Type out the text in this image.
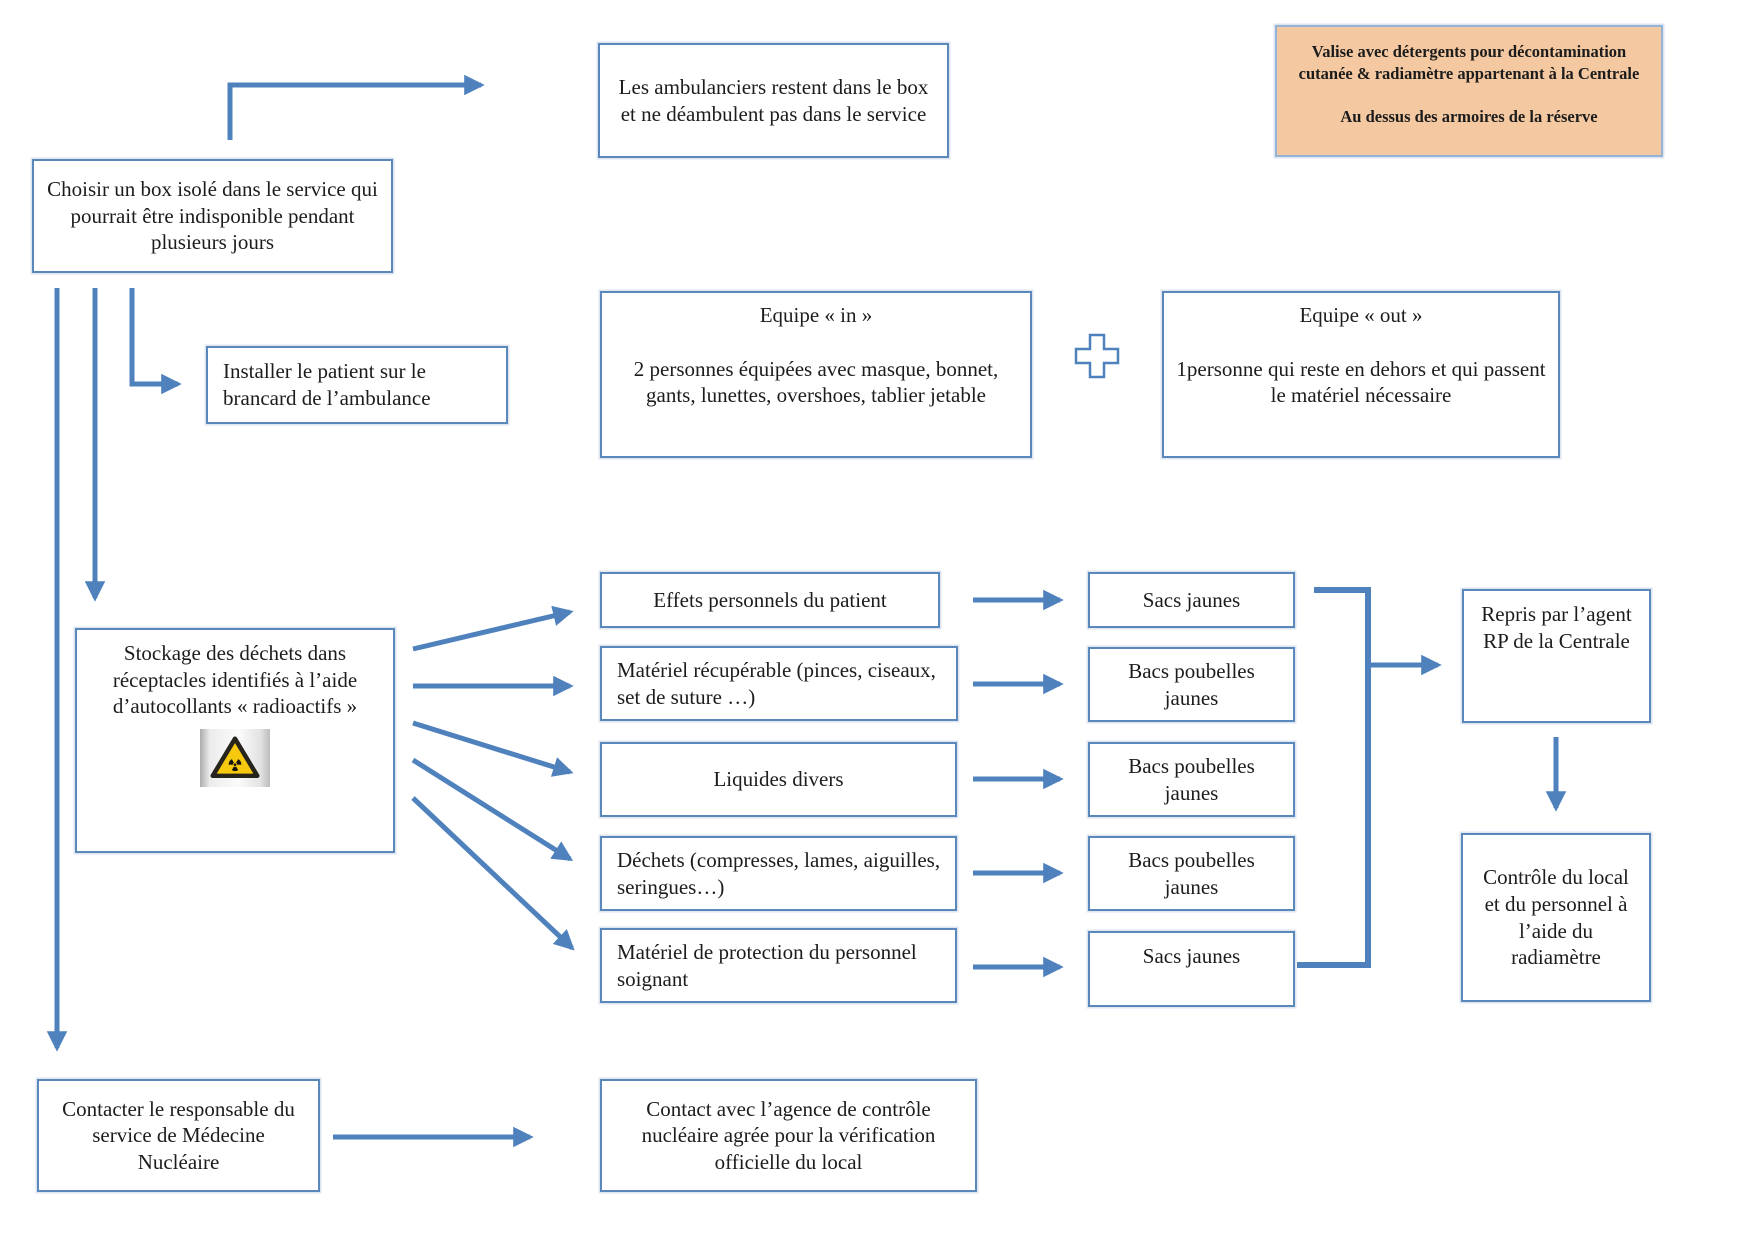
Choisir un box isolé dans le service qui pourrait être indisponible pendant plusieurs jours
Les ambulanciers restent dans le box et ne déambulent pas dans le service
Valise avec détergents pour décontamination cutanée & radiamètre appartenant à la Centrale
Au dessus des armoires de la réserve
Installer le patient sur le brancard de l’ambulance
Equipe « in »
2 personnes équipées avec masque, bonnet, gants, lunettes, overshoes, tablier jetable
Equipe « out »
1personne qui reste en dehors et qui passent le matériel nécessaire
Stockage des déchets dans réceptacles identifiés à l’aide d’autocollants « radioactifs »
Effets personnels du patient
Matériel récupérable (pinces, ciseaux, set de suture …)
Liquides divers
Déchets (compresses, lames, aiguilles, seringues…)
Matériel de protection du personnel soignant
Sacs jaunes
Bacs poubelles jaunes
Bacs poubelles jaunes
Bacs poubelles jaunes
Sacs jaunes
Repris par l’agent RP de la Centrale
Contrôle du local et du personnel à l’aide du radiamètre
Contacter le responsable du service de Médecine Nucléaire
Contact avec l’agence de contrôle nucléaire agrée pour la vérification officielle du local
